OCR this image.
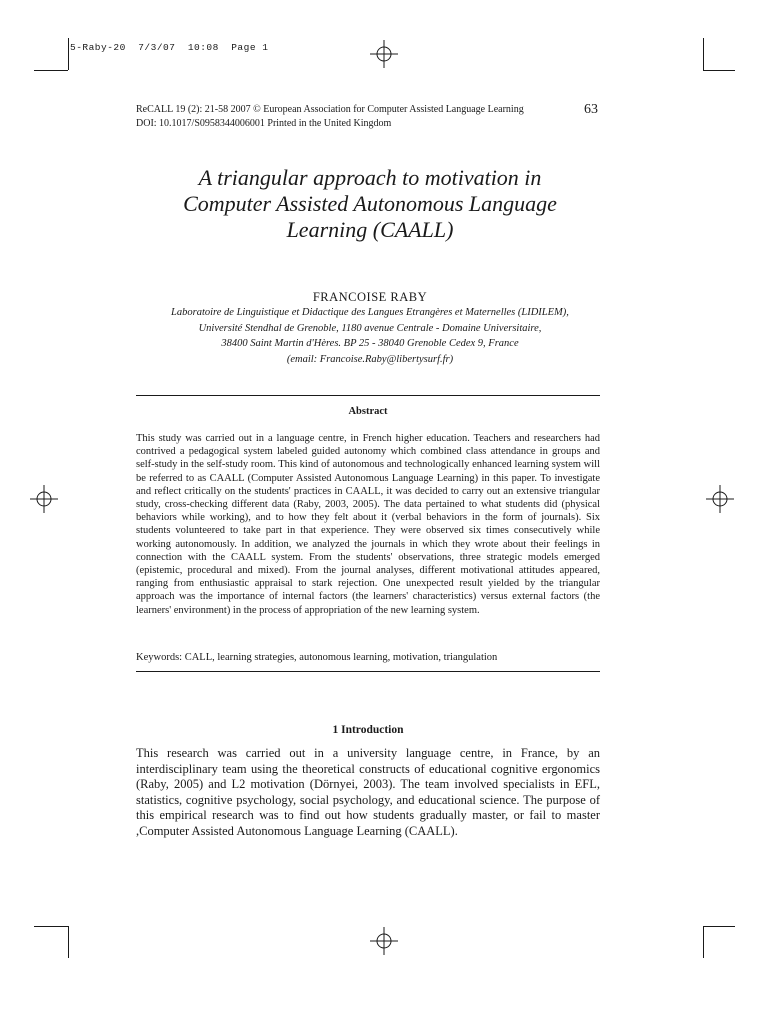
5-Raby-20  7/3/07  10:08  Page 1
ReCALL 19 (2): 21-58 2007 © European Association for Computer Assisted Language Learning
DOI: 10.1017/S0958344006001 Printed in the United Kingdom
63
A triangular approach to motivation in
Computer Assisted Autonomous Language
Learning (CAALL)
FRANCOISE RABY
Laboratoire de Linguistique et Didactique des Langues Etrangères et Maternelles (LIDILEM),
Université Stendhal de Grenoble, 1180 avenue Centrale - Domaine Universitaire,
38400 Saint Martin d'Hères. BP 25 - 38040 Grenoble Cedex 9, France
(email: Francoise.Raby@libertysurf.fr)
Abstract
This study was carried out in a language centre, in French higher education. Teachers and researchers had contrived a pedagogical system labeled guided autonomy which combined class attendance in groups and self-study in the self-study room. This kind of autonomous and technologically enhanced learning system will be referred to as CAALL (Computer Assisted Autonomous Language Learning) in this paper. To investigate and reflect critically on the students' practices in CAALL, it was decided to carry out an extensive triangular study, cross-checking different data (Raby, 2003, 2005). The data pertained to what students did (physical behaviors while working), and to how they felt about it (verbal behaviors in the form of journals). Six students volunteered to take part in that experience. They were observed six times consecutively while working autonomously. In addition, we analyzed the journals in which they wrote about their feelings in connection with the CAALL system. From the students' observations, three strategic models emerged (epistemic, procedural and mixed). From the journal analyses, different motivational attitudes appeared, ranging from enthusiastic appraisal to stark rejection. One unexpected result yielded by the triangular approach was the importance of internal factors (the learners' characteristics) versus external factors (the learners' environment) in the process of appropriation of the new learning system.
Keywords: CALL, learning strategies, autonomous learning, motivation, triangulation
1 Introduction
This research was carried out in a university language centre, in France, by an interdisciplinary team using the theoretical constructs of educational cognitive ergonomics (Raby, 2005) and L2 motivation (Dörnyei, 2003). The team involved specialists in EFL, statistics, cognitive psychology, social psychology, and educational science. The purpose of this empirical research was to find out how students gradually master, or fail to master ,Computer Assisted Autonomous Language Learning (CAALL).
